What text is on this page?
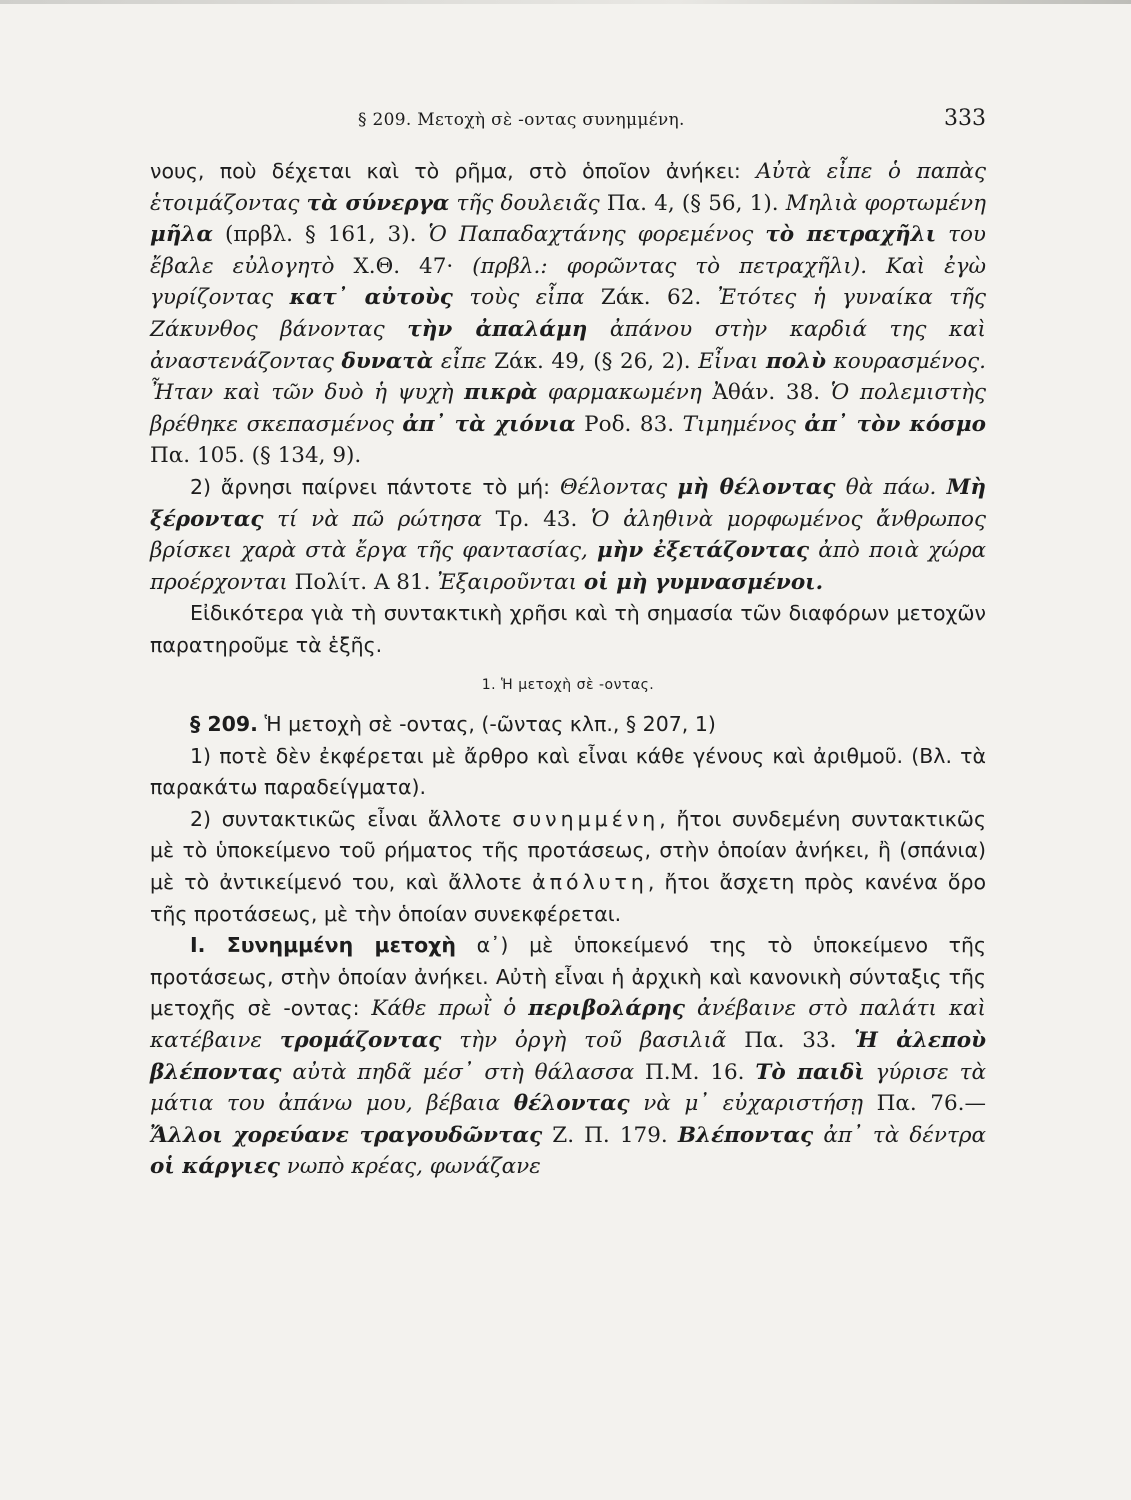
§ 209. Μετοχὴ σὲ -οντας συνημμένη.	333

νους, ποὺ δέχεται καὶ τὸ ρῆμα, στὸ ὁποῖον ἀνήκει: Αὐτὰ εἶπε ὁ παπὰς ἑτοιμάζοντας τὰ σύνεργα τῆς δουλειᾶς Πα. 4, (§ 56, 1). Μηλιὰ φορτωμένη μῆλα (πρβλ. § 161, 3). Ὁ Παπαδαχτάνης φορεμένος τὸ πετραχῆλι του ἔβαλε εὐλογητὸ Χ.Θ. 47· (πρβλ.: φορῶντας τὸ πετραχῆλι). Καὶ ἐγὼ γυρίζοντας κατ᾽ αὐτοὺς τοὺς εἶπα Ζάκ. 62. Ἐτότες ἡ γυναίκα τῆς Ζάκυνθος βάνοντας τὴν ἀπαλάμη ἀπάνου στὴν καρδιά της καὶ ἀναστενάζοντας δυνατὰ εἶπε Ζάκ. 49, (§ 26, 2). Εἶναι πολὺ κουρασμένος. Ἦταν καὶ τῶν δυὸ ἡ ψυχὴ πικρὰ φαρμακωμένη Ἀθάν. 38. Ὁ πολεμιστὴς βρέθηκε σκεπασμένος ἀπ᾽ τὰ χιόνια Ροδ. 83. Τιμημένος ἀπ᾽ τὸν κόσμο Πα. 105. (§ 134, 9).

2) ἄρνησι παίρνει πάντοτε τὸ μή: Θέλοντας μὴ θέλοντας θὰ πάω. Μὴ ξέροντας τί νὰ πῶ ρώτησα Τρ. 43. Ὁ ἀληθινὰ μορφωμένος ἄνθρωπος βρίσκει χαρὰ στὰ ἔργα τῆς φαντασίας, μὴν ἐξετάζοντας ἀπὸ ποιὰ χώρα προέρχονται Πολίτ. Α 81. Ἐξαιροῦνται οἱ μὴ γυμνασμένοι.

Εἰδικότερα γιὰ τὴ συντακτικὴ χρῆσι καὶ τὴ σημασία τῶν διαφόρων μετοχῶν παρατηροῦμε τὰ ἑξῆς.

1. Ἡ μετοχὴ σὲ -οντας.

§ 209. Ἡ μετοχὴ σὲ -οντας, (-ῶντας κλπ., § 207, 1)

1) ποτὲ δὲν ἐκφέρεται μὲ ἄρθρο καὶ εἶναι κάθε γένους καὶ ἀριθμοῦ. (Βλ. τὰ παρακάτω παραδείγματα).

2) συντακτικῶς εἶναι ἄλλοτε συνημμένη, ἤτοι συνδεμένη συντακτικῶς μὲ τὸ ὑποκείμενο τοῦ ρήματος τῆς προτάσεως, στὴν ὁποίαν ἀνήκει, ἢ (σπάνια) μὲ τὸ ἀντικείμενό του, καὶ ἄλλοτε ἀπόλυτη, ἤτοι ἄσχετη πρὸς κανένα ὅρο τῆς προτάσεως, μὲ τὴν ὁποίαν συνεκφέρεται.

I. Συνημμένη μετοχὴ α᾽) μὲ ὑποκείμενό της τὸ ὑποκείμενο τῆς προτάσεως, στὴν ὁποίαν ἀνήκει. Αὐτὴ εἶναι ἡ ἀρχικὴ καὶ κανονικὴ σύνταξις τῆς μετοχῆς σὲ -οντας: Κάθε πρωῒ ὁ περιβολάρης ἀνέβαινε στὸ παλάτι καὶ κατέβαινε τρομάζοντας τὴν ὀργὴ τοῦ βασιλιᾶ Πα. 33. Ἡ ἀλεποὺ βλέποντας αὐτὰ πηδᾶ μέσ᾽ στὴ θάλασσα Π.Μ. 16. Τὸ παιδὶ γύρισε τὰ μάτια του ἀπάνω μου, βέβαια θέλοντας νὰ μ᾽ εὐχαριστήσῃ Πα. 76.—Ἄλλοι χορεύανε τραγουδῶντας Ζ. Π. 179. Βλέποντας ἀπ᾽ τὰ δέντρα οἱ κάργιες νωπὸ κρέας, φωνάζανε
